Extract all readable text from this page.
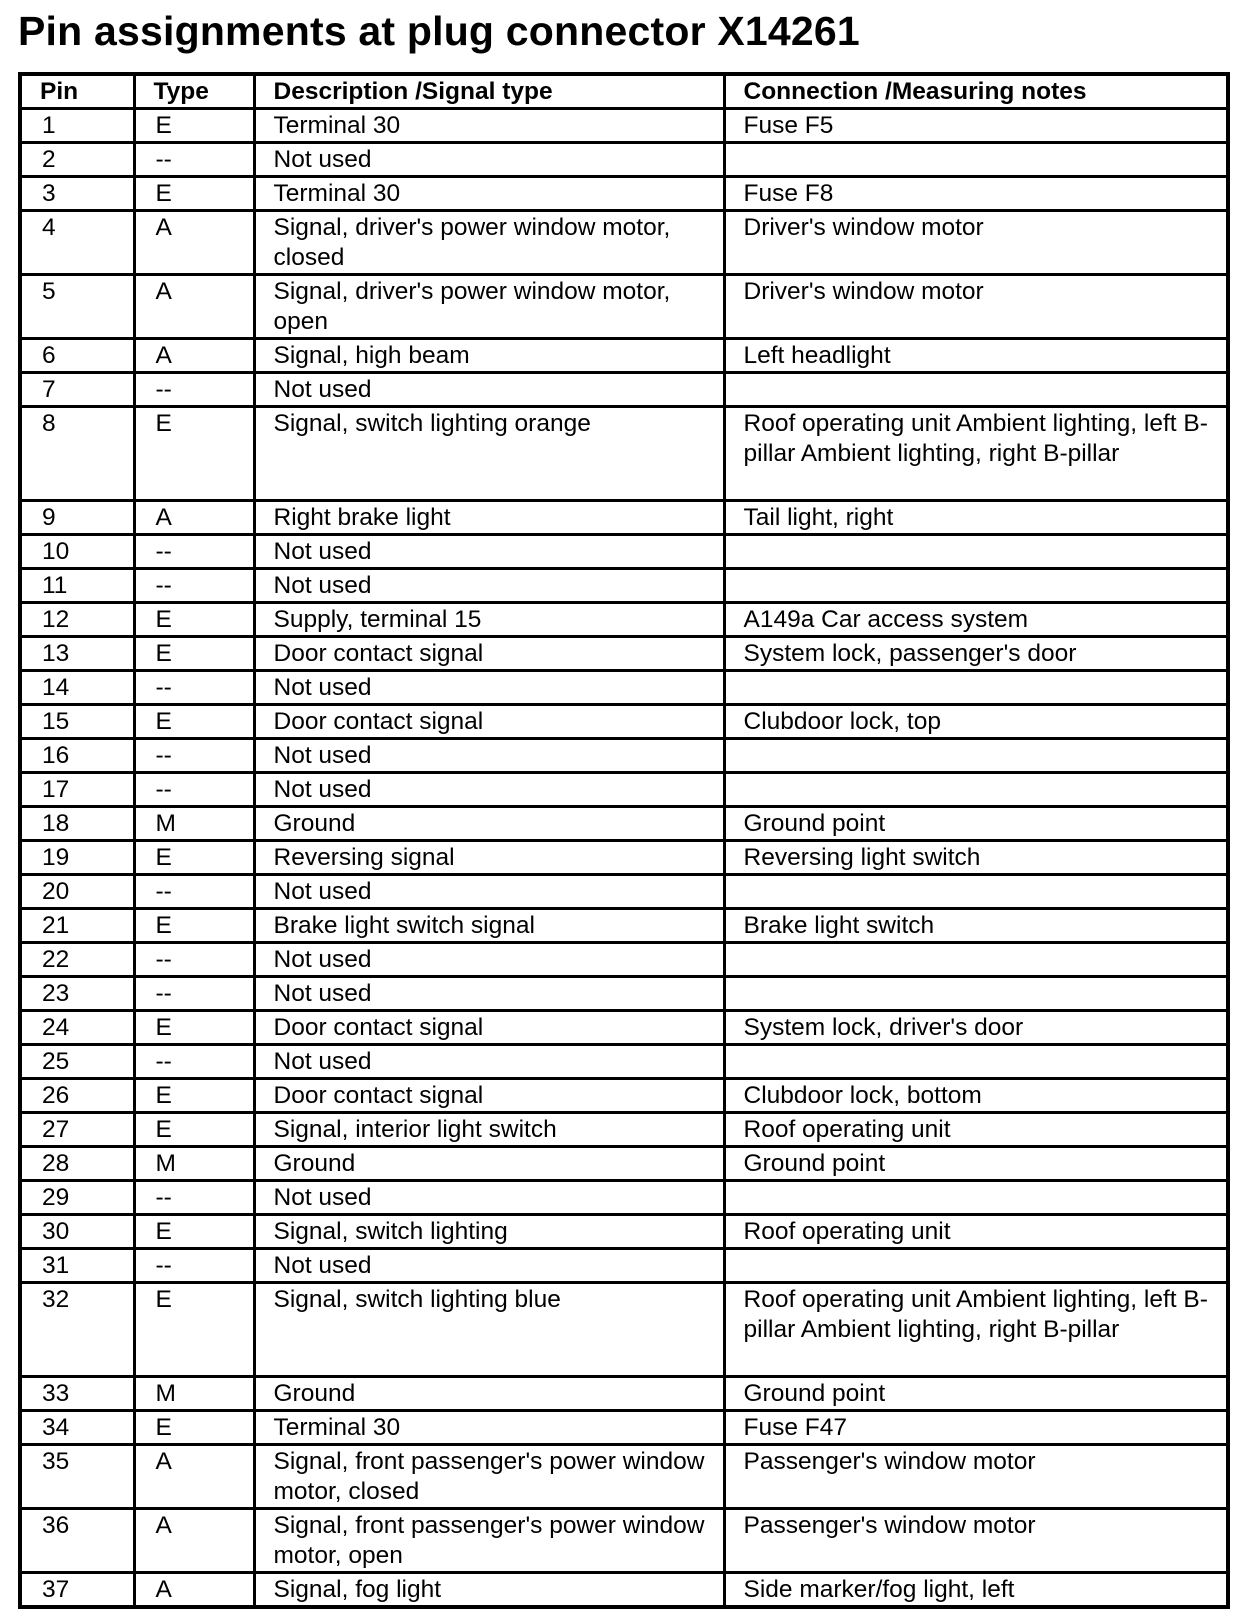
Pin assignments at plug connector X14261
Pin	Type	Description /Signal type	Connection /Measuring notes
1	E	Terminal 30	Fuse F5
2	--	Not used	
3	E	Terminal 30	Fuse F8
4	A	Signal, driver's power window motor, closed	Driver's window motor
5	A	Signal, driver's power window motor, open	Driver's window motor
6	A	Signal, high beam	Left headlight
7	--	Not used	
8	E	Signal, switch lighting orange	Roof operating unit Ambient lighting, left B-pillar Ambient lighting, right B-pillar
9	A	Right brake light	Tail light, right
10	--	Not used	
11	--	Not used	
12	E	Supply, terminal 15	A149a Car access system
13	E	Door contact signal	System lock, passenger's door
14	--	Not used	
15	E	Door contact signal	Clubdoor lock, top
16	--	Not used	
17	--	Not used	
18	M	Ground	Ground point
19	E	Reversing signal	Reversing light switch
20	--	Not used	
21	E	Brake light switch signal	Brake light switch
22	--	Not used	
23	--	Not used	
24	E	Door contact signal	System lock, driver's door
25	--	Not used	
26	E	Door contact signal	Clubdoor lock, bottom
27	E	Signal, interior light switch	Roof operating unit
28	M	Ground	Ground point
29	--	Not used	
30	E	Signal, switch lighting	Roof operating unit
31	--	Not used	
32	E	Signal, switch lighting blue	Roof operating unit Ambient lighting, left B-pillar Ambient lighting, right B-pillar
33	M	Ground	Ground point
34	E	Terminal 30	Fuse F47
35	A	Signal, front passenger's power window motor, closed	Passenger's window motor
36	A	Signal, front passenger's power window motor, open	Passenger's window motor
37	A	Signal, fog light	Side marker/fog light, left
